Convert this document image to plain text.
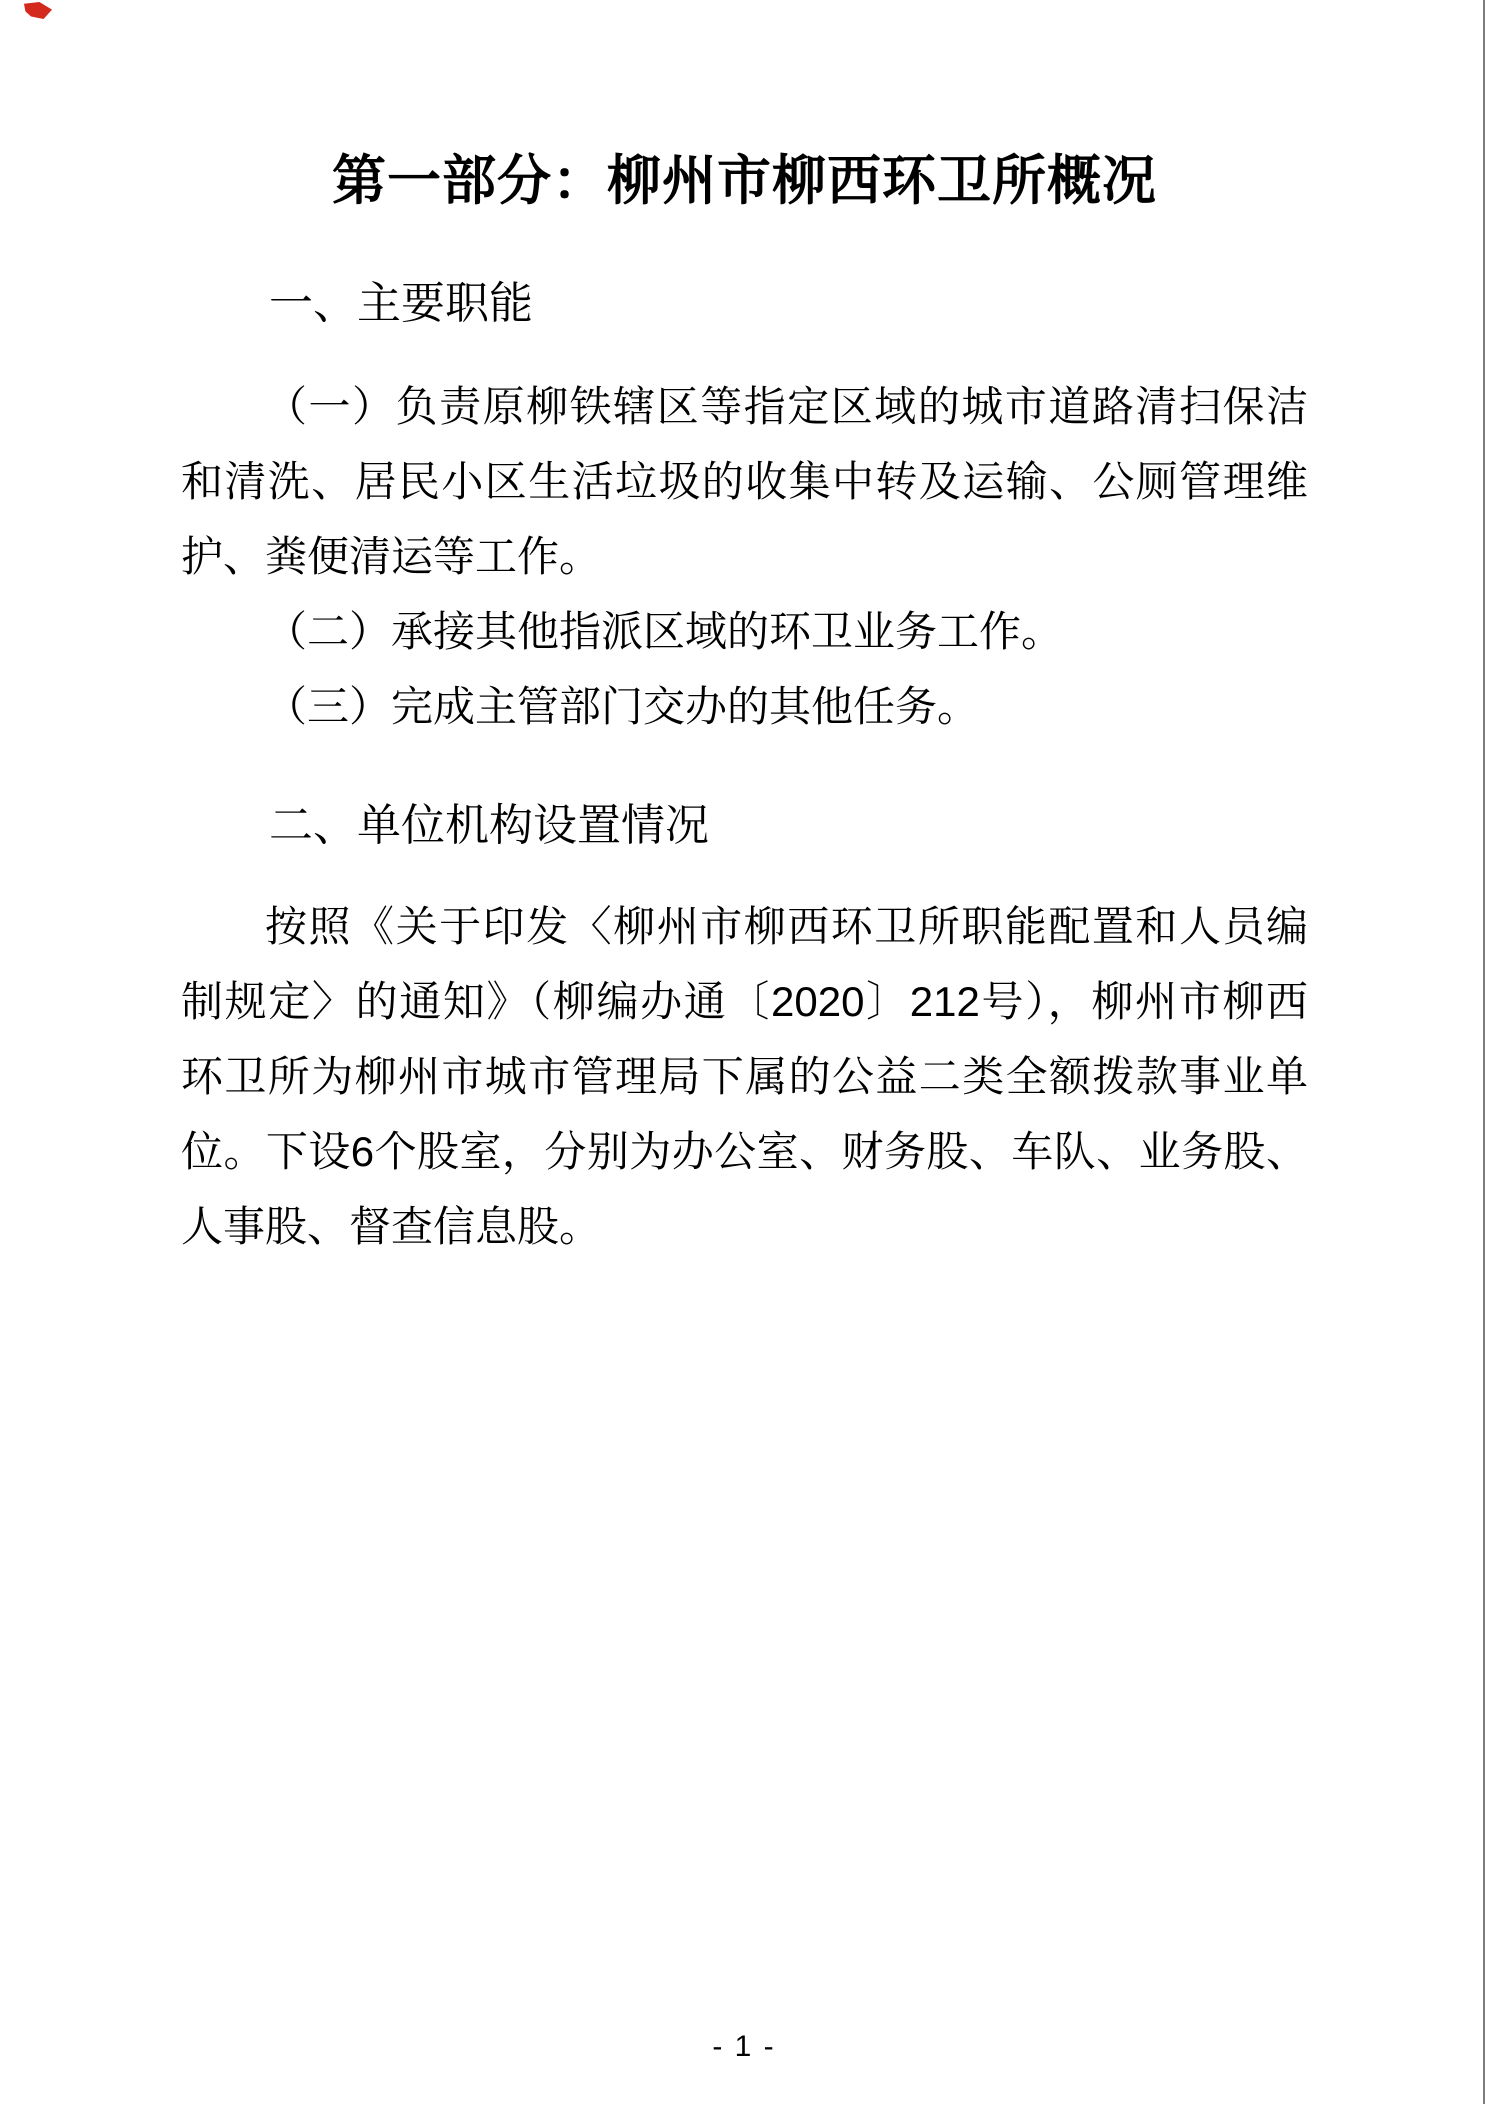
第一部分：柳州市柳西环卫所概况
一、主要职能

（一）负责原柳铁辖区等指定区域的城市道路清扫保洁和清洗、居民小区生活垃圾的收集中转及运输、公厕管理维护、粪便清运等工作。

（二）承接其他指派区域的环卫业务工作。

（三）完成主管部门交办的其他任务。

二、单位机构设置情况

按照《关于印发〈柳州市柳西环卫所职能配置和人员编制规定〉的通知》（柳编办通〔2020〕212号），柳州市柳西环卫所为柳州市城市管理局下属的公益二类全额拨款事业单位。下设6个股室，分别为办公室、财务股、车队、业务股、人事股、督查信息股。

- 1 -
